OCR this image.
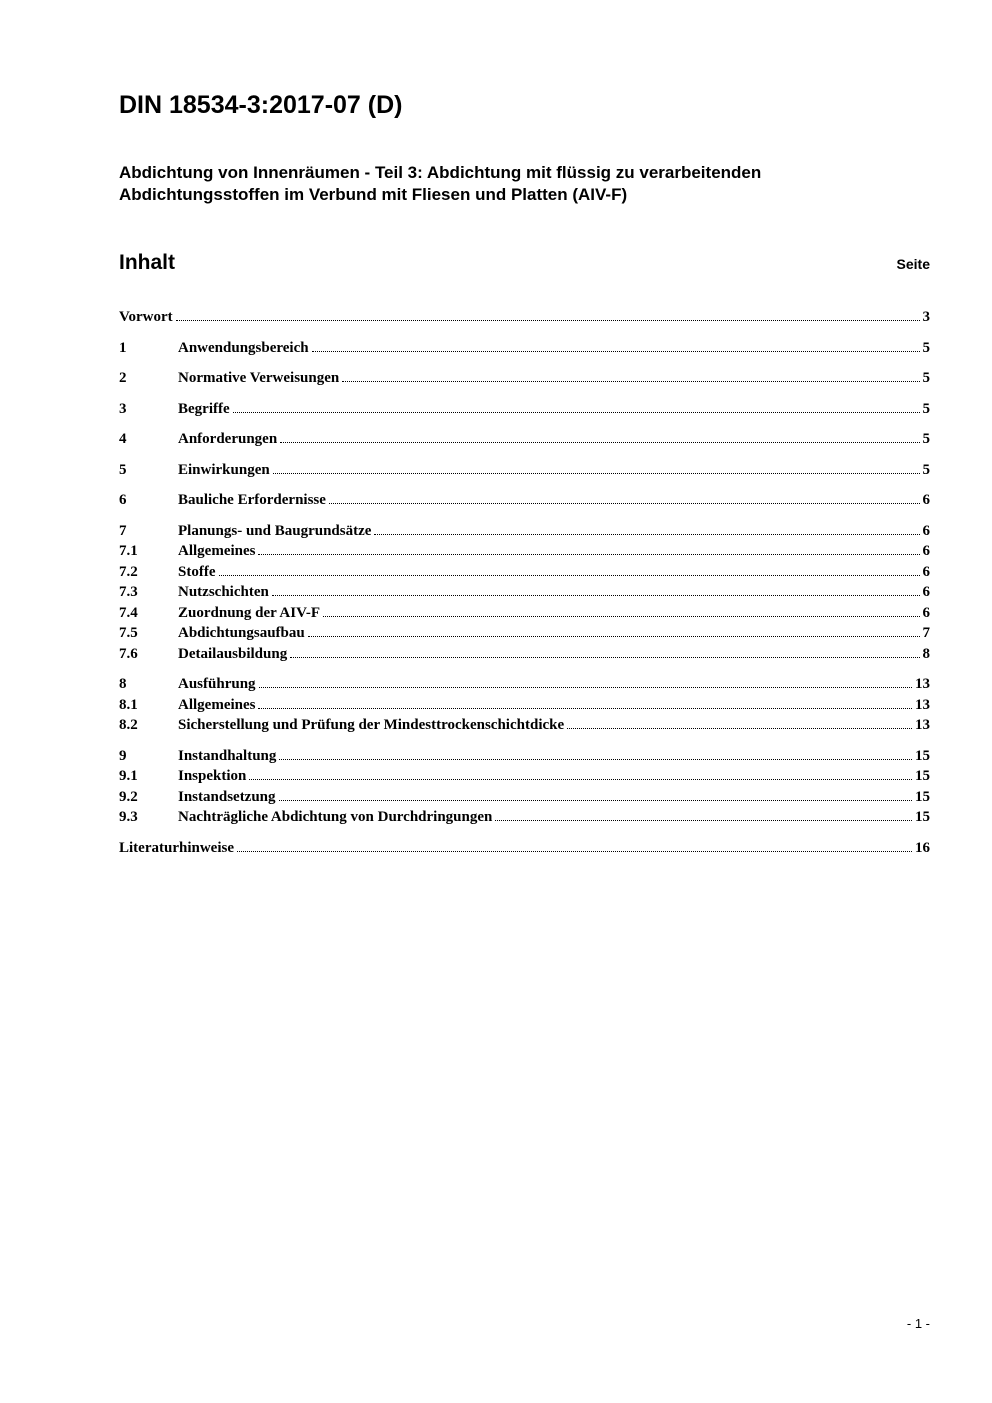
DIN 18534-3:2017-07 (D)
Abdichtung von Innenräumen - Teil 3: Abdichtung mit flüssig zu verarbeitenden Abdichtungsstoffen im Verbund mit Fliesen und Platten (AIV-F)
Inhalt	Seite
Vorwort	3
1	Anwendungsbereich	5
2	Normative Verweisungen	5
3	Begriffe	5
4	Anforderungen	5
5	Einwirkungen	5
6	Bauliche Erfordernisse	6
7	Planungs- und Baugrundsätze	6
7.1	Allgemeines	6
7.2	Stoffe	6
7.3	Nutzschichten	6
7.4	Zuordnung der AIV-F	6
7.5	Abdichtungsaufbau	7
7.6	Detailausbildung	8
8	Ausführung	13
8.1	Allgemeines	13
8.2	Sicherstellung und Prüfung der Mindesttrockenschichtdicke	13
9	Instandhaltung	15
9.1	Inspektion	15
9.2	Instandsetzung	15
9.3	Nachträgliche Abdichtung von Durchdringungen	15
Literaturhinweise	16
- 1 -
